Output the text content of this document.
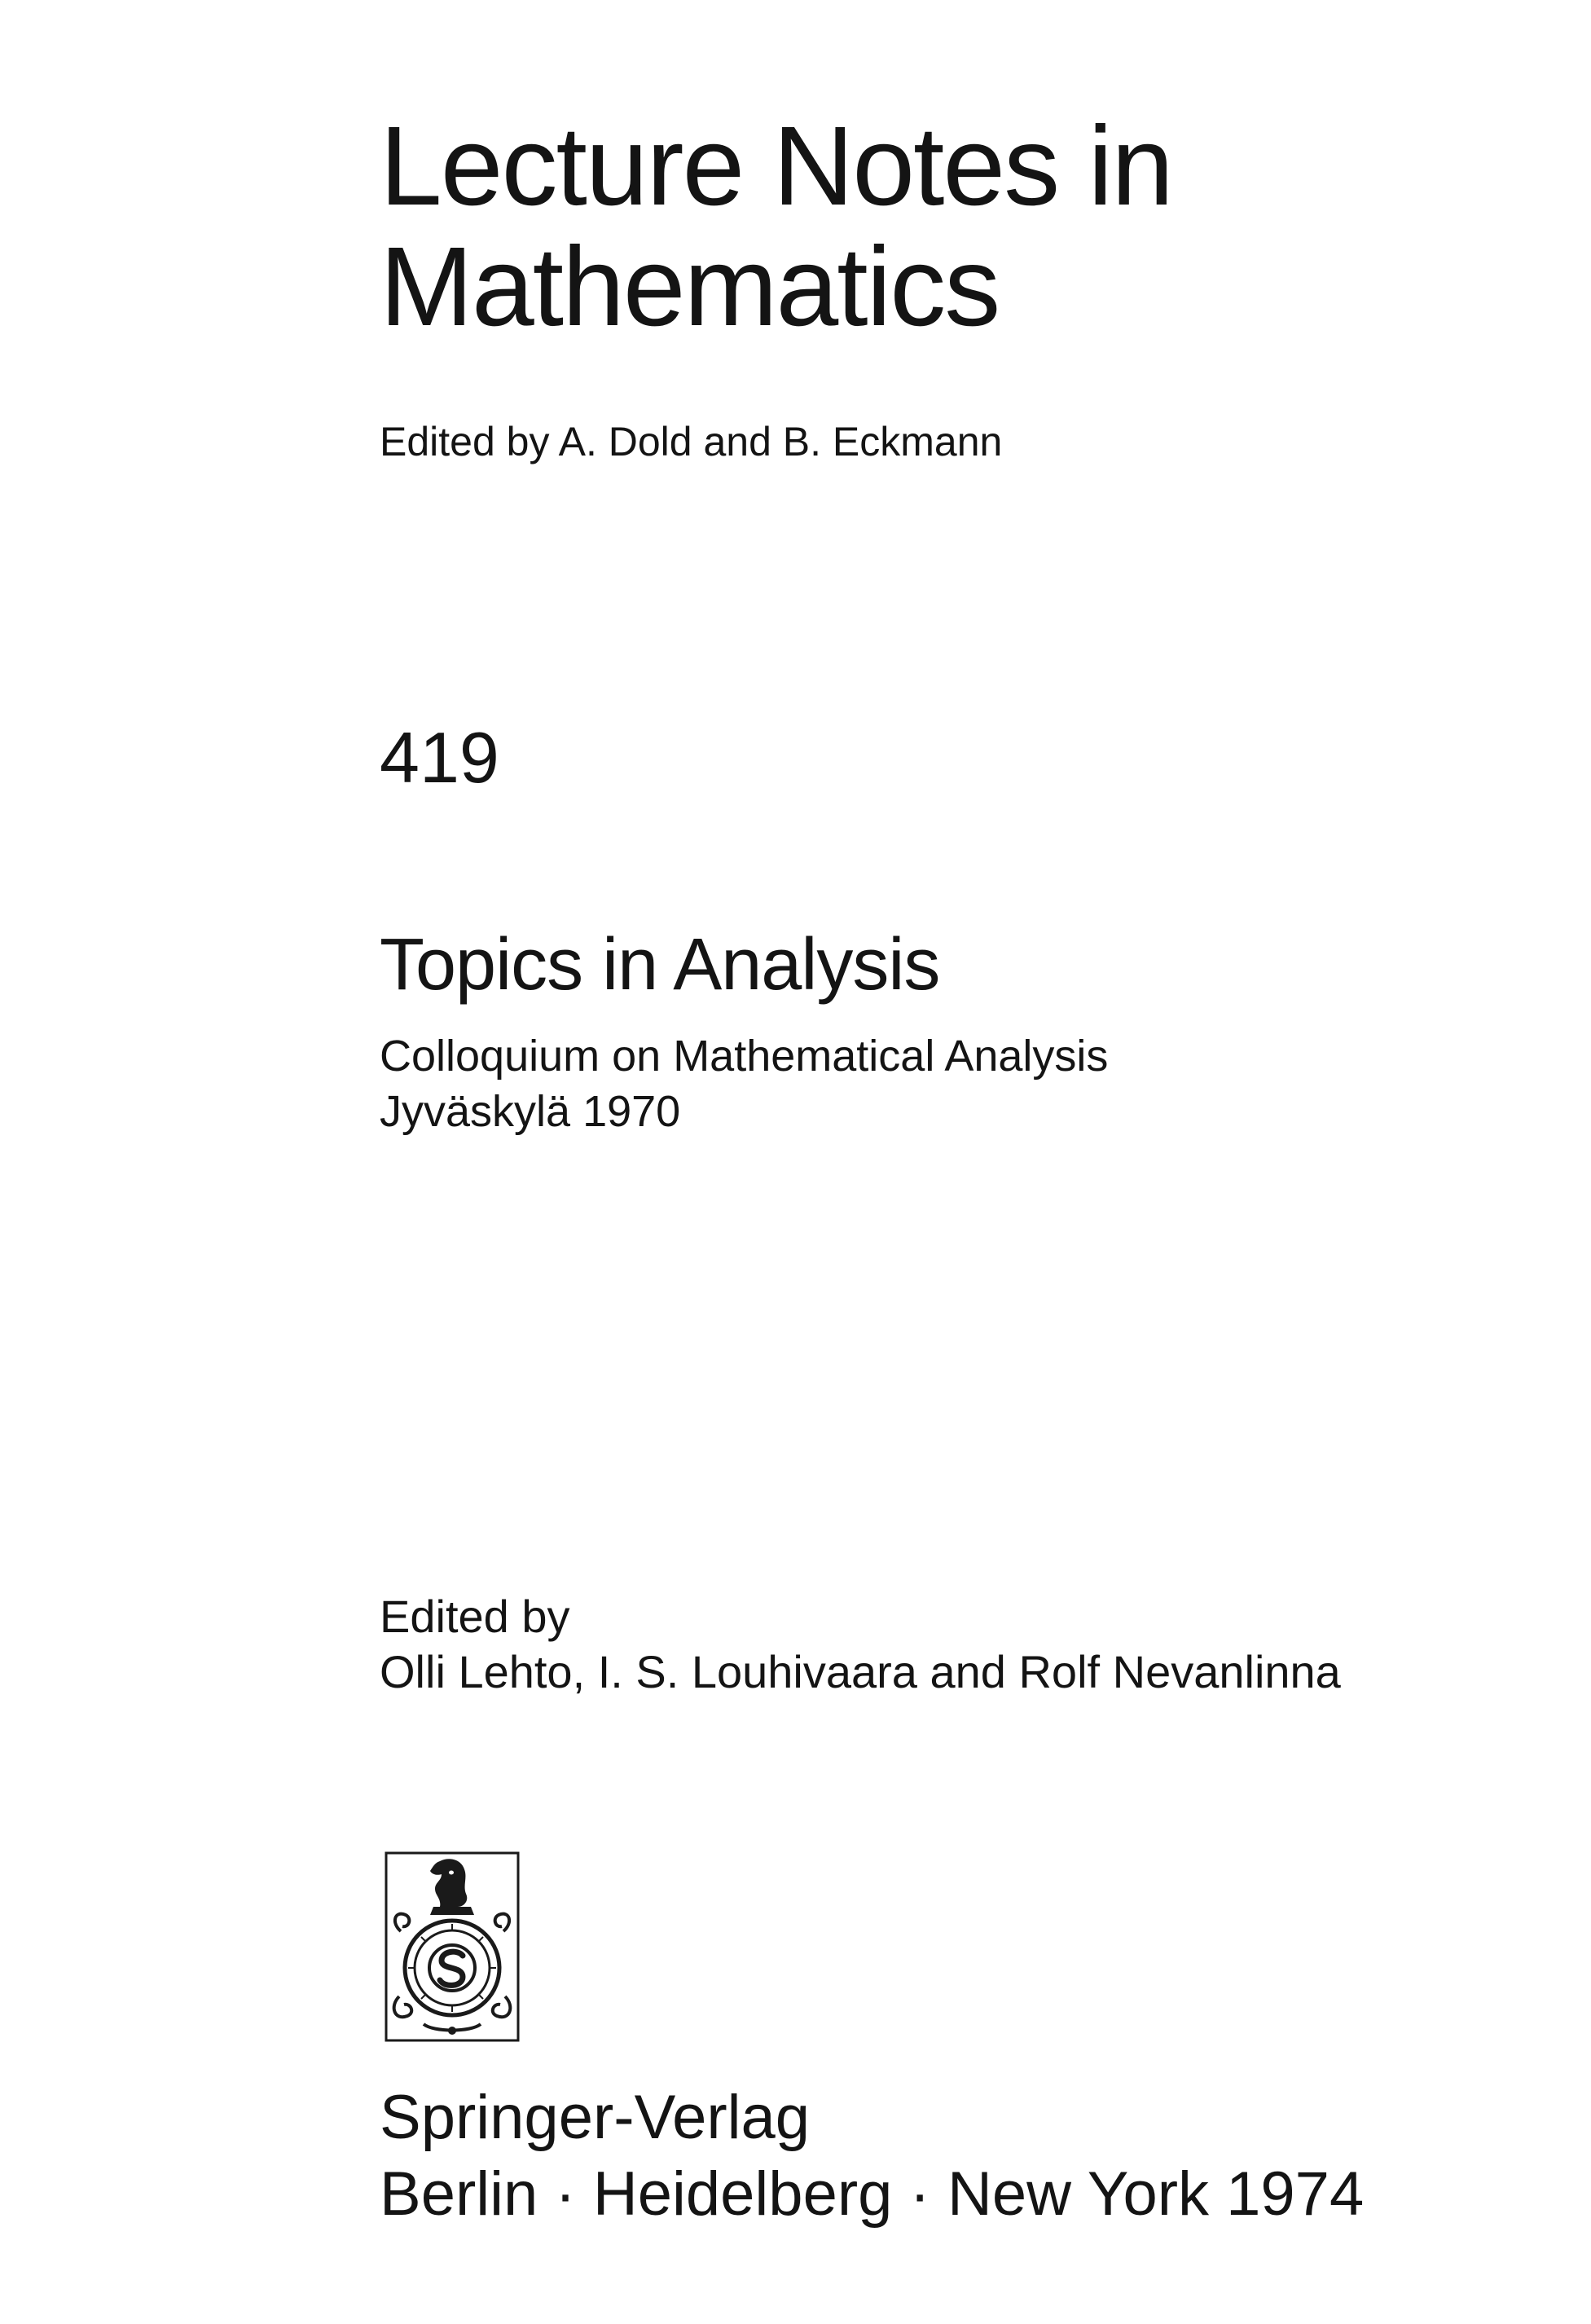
Lecture Notes in
Mathematics
Edited by A. Dold and B. Eckmann
419
Topics in Analysis
Colloquium on Mathematical Analysis
Jyväskylä 1970
Edited by
Olli Lehto, I. S. Louhivaara and Rolf Nevanlinna
Springer-Verlag
Berlin · Heidelberg · New York 1974
